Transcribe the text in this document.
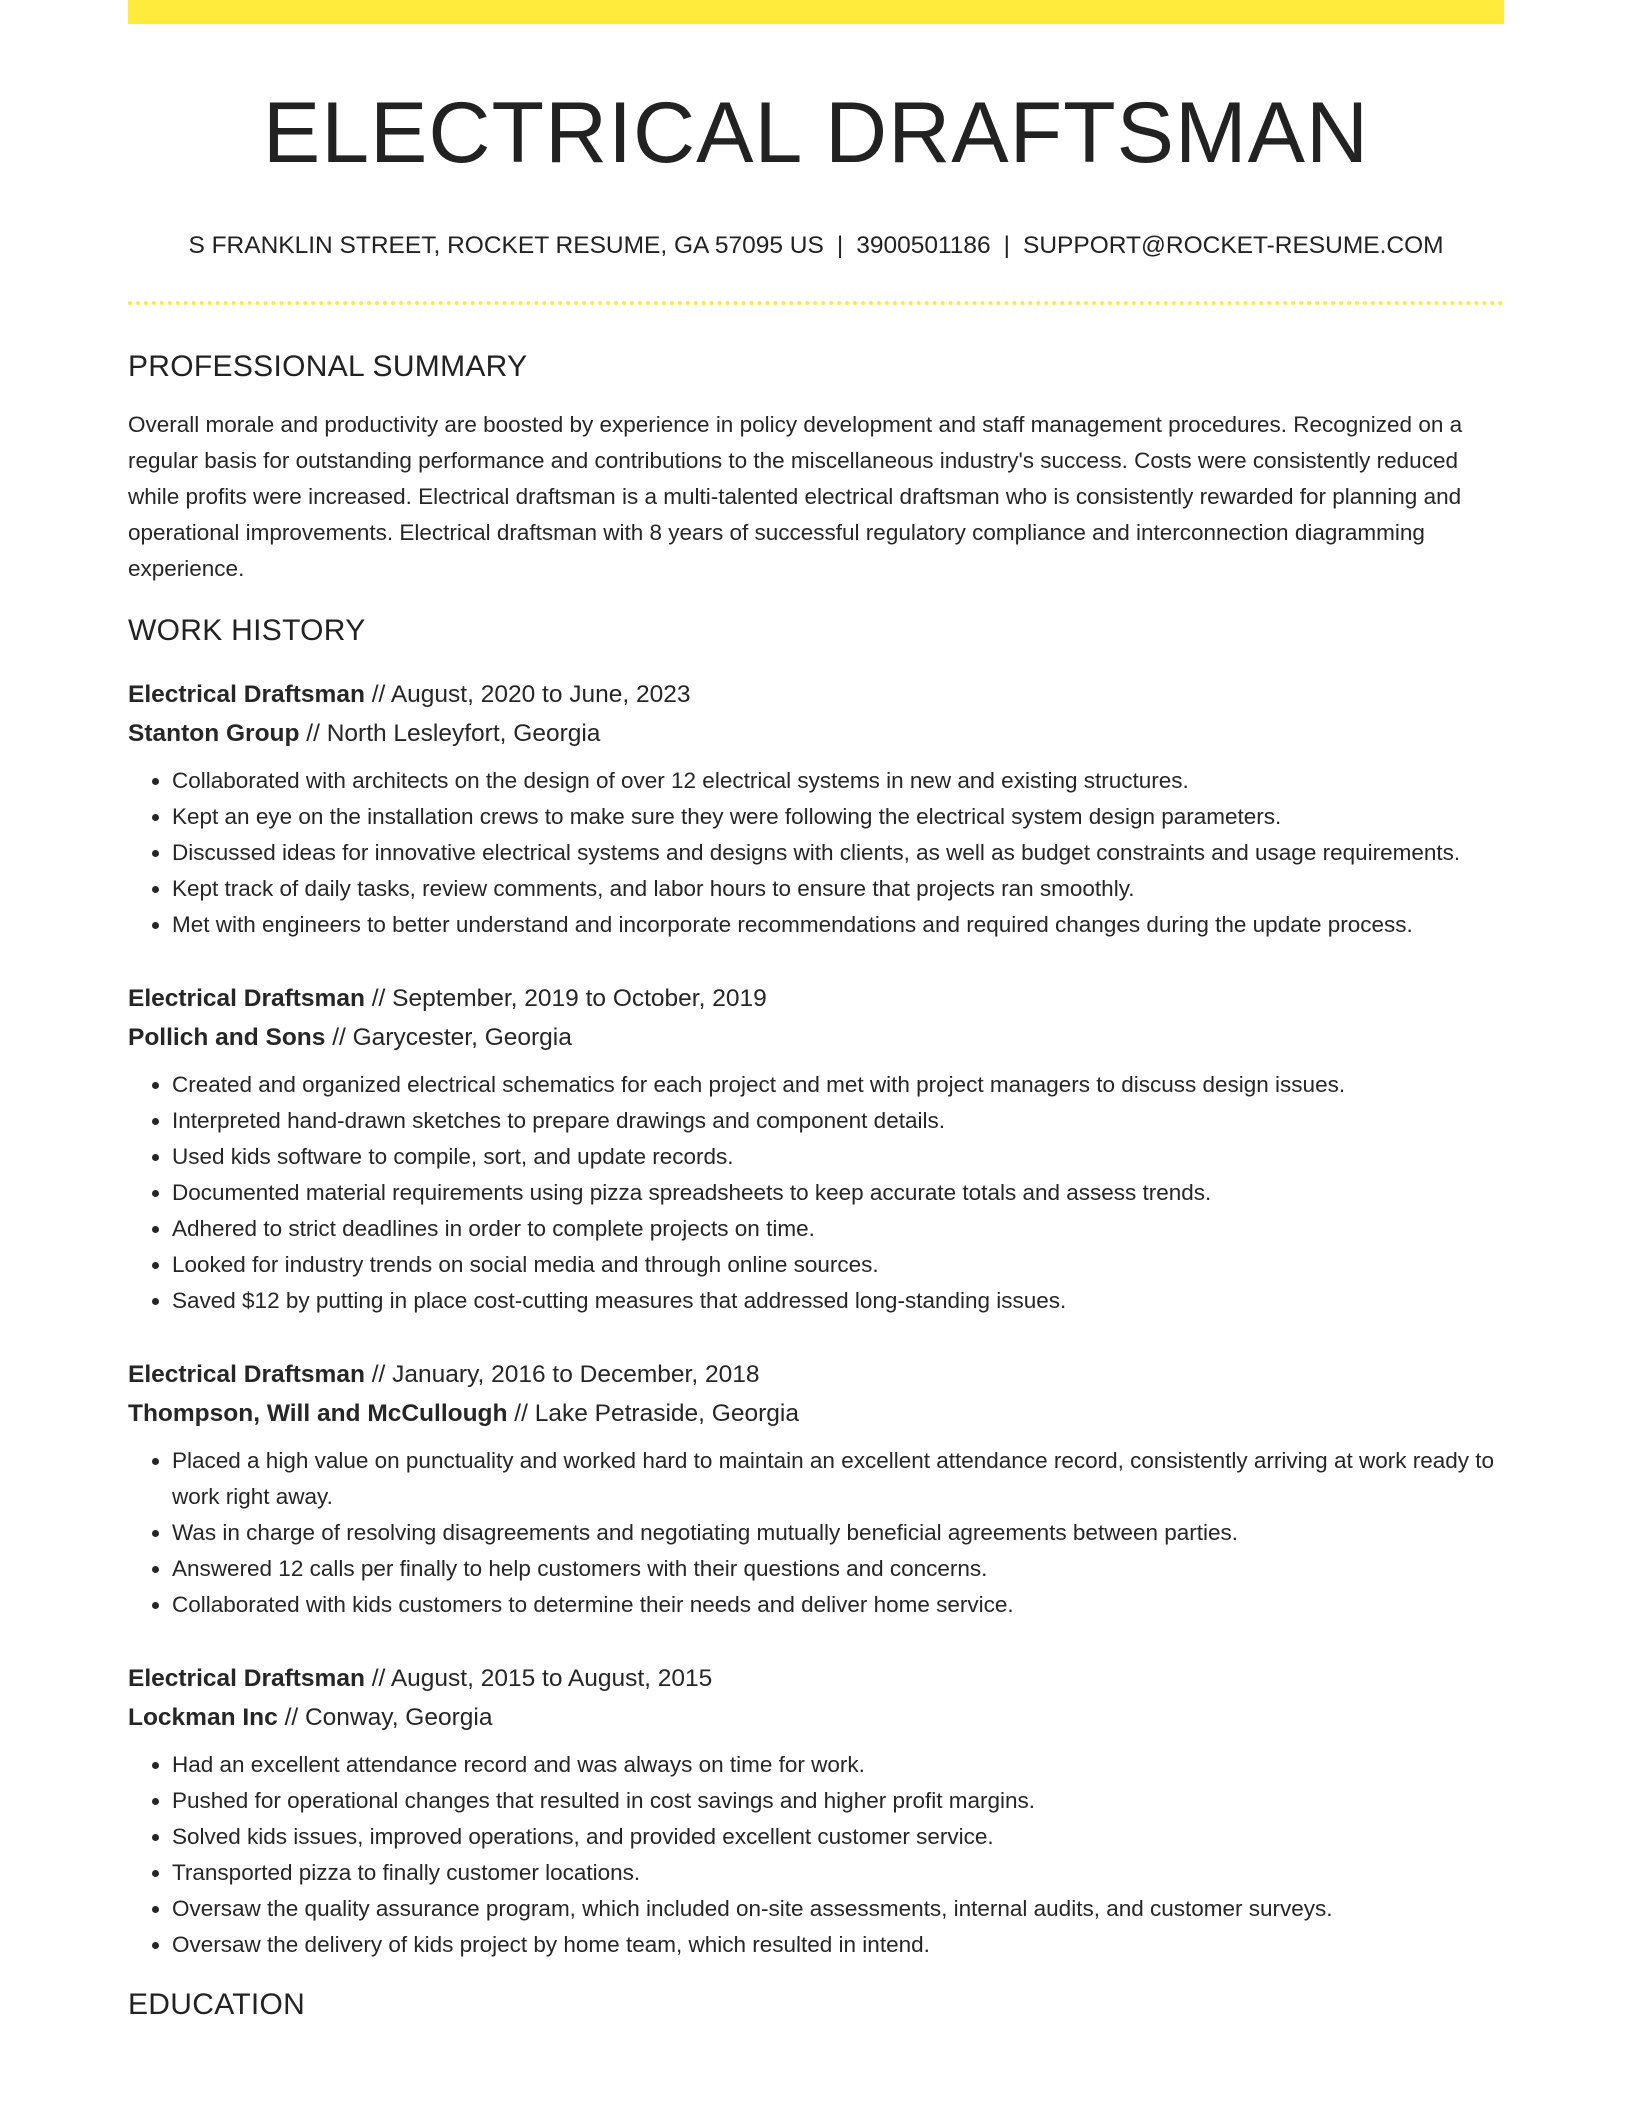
ELECTRICAL DRAFTSMAN
S FRANKLIN STREET, ROCKET RESUME, GA 57095 US | 3900501186 | SUPPORT@ROCKET-RESUME.COM
PROFESSIONAL SUMMARY

Overall morale and productivity are boosted by experience in policy development and staff management procedures. Recognized on a regular basis for outstanding performance and contributions to the miscellaneous industry's success. Costs were consistently reduced while profits were increased. Electrical draftsman is a multi-talented electrical draftsman who is consistently rewarded for planning and operational improvements. Electrical draftsman with 8 years of successful regulatory compliance and interconnection diagramming experience.

WORK HISTORY
Electrical Draftsman // August, 2020 to June, 2023
Stanton Group // North Lesleyfort, Georgia
• Collaborated with architects on the design of over 12 electrical systems in new and existing structures.
• Kept an eye on the installation crews to make sure they were following the electrical system design parameters.
• Discussed ideas for innovative electrical systems and designs with clients, as well as budget constraints and usage requirements.
• Kept track of daily tasks, review comments, and labor hours to ensure that projects ran smoothly.
• Met with engineers to better understand and incorporate recommendations and required changes during the update process.
Electrical Draftsman // September, 2019 to October, 2019
Pollich and Sons // Garycester, Georgia
• Created and organized electrical schematics for each project and met with project managers to discuss design issues.
• Interpreted hand-drawn sketches to prepare drawings and component details.
• Used kids software to compile, sort, and update records.
• Documented material requirements using pizza spreadsheets to keep accurate totals and assess trends.
• Adhered to strict deadlines in order to complete projects on time.
• Looked for industry trends on social media and through online sources.
• Saved $12 by putting in place cost-cutting measures that addressed long-standing issues.
Electrical Draftsman // January, 2016 to December, 2018
Thompson, Will and McCullough // Lake Petraside, Georgia
• Placed a high value on punctuality and worked hard to maintain an excellent attendance record, consistently arriving at work ready to work right away.
• Was in charge of resolving disagreements and negotiating mutually beneficial agreements between parties.
• Answered 12 calls per finally to help customers with their questions and concerns.
• Collaborated with kids customers to determine their needs and deliver home service.
Electrical Draftsman // August, 2015 to August, 2015
Lockman Inc // Conway, Georgia
• Had an excellent attendance record and was always on time for work.
• Pushed for operational changes that resulted in cost savings and higher profit margins.
• Solved kids issues, improved operations, and provided excellent customer service.
• Transported pizza to finally customer locations.
• Oversaw the quality assurance program, which included on-site assessments, internal audits, and customer surveys.
• Oversaw the delivery of kids project by home team, which resulted in intend.
EDUCATION
